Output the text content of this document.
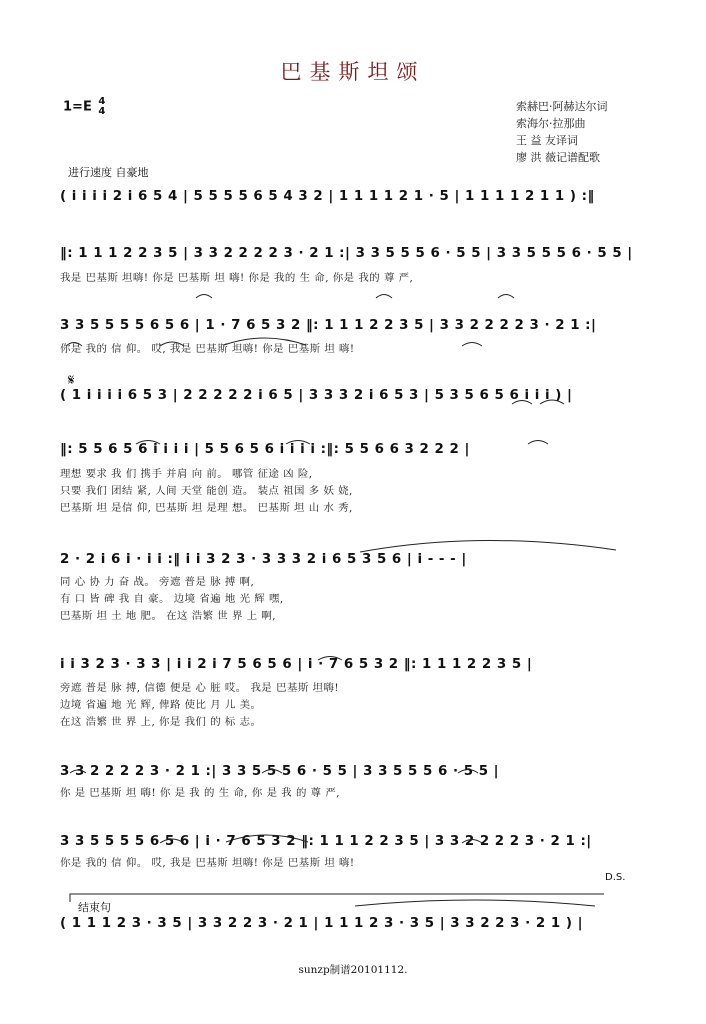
巴基斯坦颂
1=E 4
4	索赫巴·阿赫达尔词
索海尔·拉那曲
王 益 友译词
廖 洪 薇记谱配歌
进行速度 自豪地
𝄋
( i i i i 2 i 6 5 4 | 5 5 5 5 6 5 4 3 2 | 1 1 1 1 2 1 · 5 | 1 1 1 1 2 1 1 ) :‖
‖: 1 1 1 2 2 3 5 | 3 3 2 2 2 2 3 · 2 1 :| 3 3 5 5 5 6 · 5 5 | 3 3 5 5 5 6 · 5 5 |
我是 巴基斯 坦嗨! 你是 巴基斯 坦 嗨! 你是 我的 生 命, 你是 我的 尊 严,
3 3 5 5 5 5 6 5 6 | 1 · 7 6 5 3 2 ‖: 1 1 1 2 2 3 5 | 3 3 2 2 2 2 3 · 2 1 :|
你是 我的 信 仰。 哎, 我是 巴基斯 坦嗨! 你是 巴基斯 坦 嗨!
( 1 i i i i 6 5 3 | 2 2 2 2 2 i 6 5 | 3 3 3 2 i 6 5 3 | 5 3 5 6 5 6 i i i ) |
‖: 5 5 6 5 6 i i i i | 5 5 6 5 6 i i i i :‖: 5 5 6 6 3 2 2 2 |
理想 要求 我 们 携手 并肩 向 前。 哪管 征途 凶 险,
只要 我们 团结 紧, 人间 天堂 能创 造。 装点 祖国 多 妖 娆,
巴基斯 坦 是信 仰, 巴基斯 坦 是理 想。 巴基斯 坦 山 水 秀,
2 · 2 i 6 i · i i :‖ i i 3 2 3 · 3 3 3 2 i 6 5 3 5 6 | i - - - |
同 心 协 力 奋 战。 旁遮 普是 脉 搏 啊,
有 口 皆 碑 我 自 豪。 边境 省遍 地 光 辉 嘿,
巴基斯 坦 土 地 肥。 在这 浩繁 世 界 上 啊,
i i 3 2 3 · 3 3 | i i 2 i 7 5 6 5 6 | i · 7 6 5 3 2 ‖: 1 1 1 2 2 3 5 |
旁遮 普是 脉 搏, 信德 便是 心 脏 哎。 我是 巴基斯 坦嗨!
边境 省遍 地 光 辉, 俾路 使比 月 儿 美。
在这 浩繁 世 界 上, 你是 我们 的 标 志。
3 3 2 2 2 2 3 · 2 1 :| 3 3 5 5 5 6 · 5 5 | 3 3 5 5 5 6 · 5 5 |
你 是 巴基斯 坦 嗨! 你 是 我 的 生 命, 你 是 我 的 尊 严,
3 3 5 5 5 5 6 5 6 | i · 7 6 5 3 2 ‖: 1 1 1 2 2 3 5 | 3 3 2 2 2 2 3 · 2 1 :|
你是 我的 信 仰。 哎, 我是 巴基斯 坦嗨! 你是 巴基斯 坦 嗨!
D.S.
结束句
( 1 1 1 2 3 · 3 5 | 3 3 2 2 3 · 2 1 | 1 1 1 2 3 · 3 5 | 3 3 2 2 3 · 2 1 ) |
sunzp制谱20101112.
